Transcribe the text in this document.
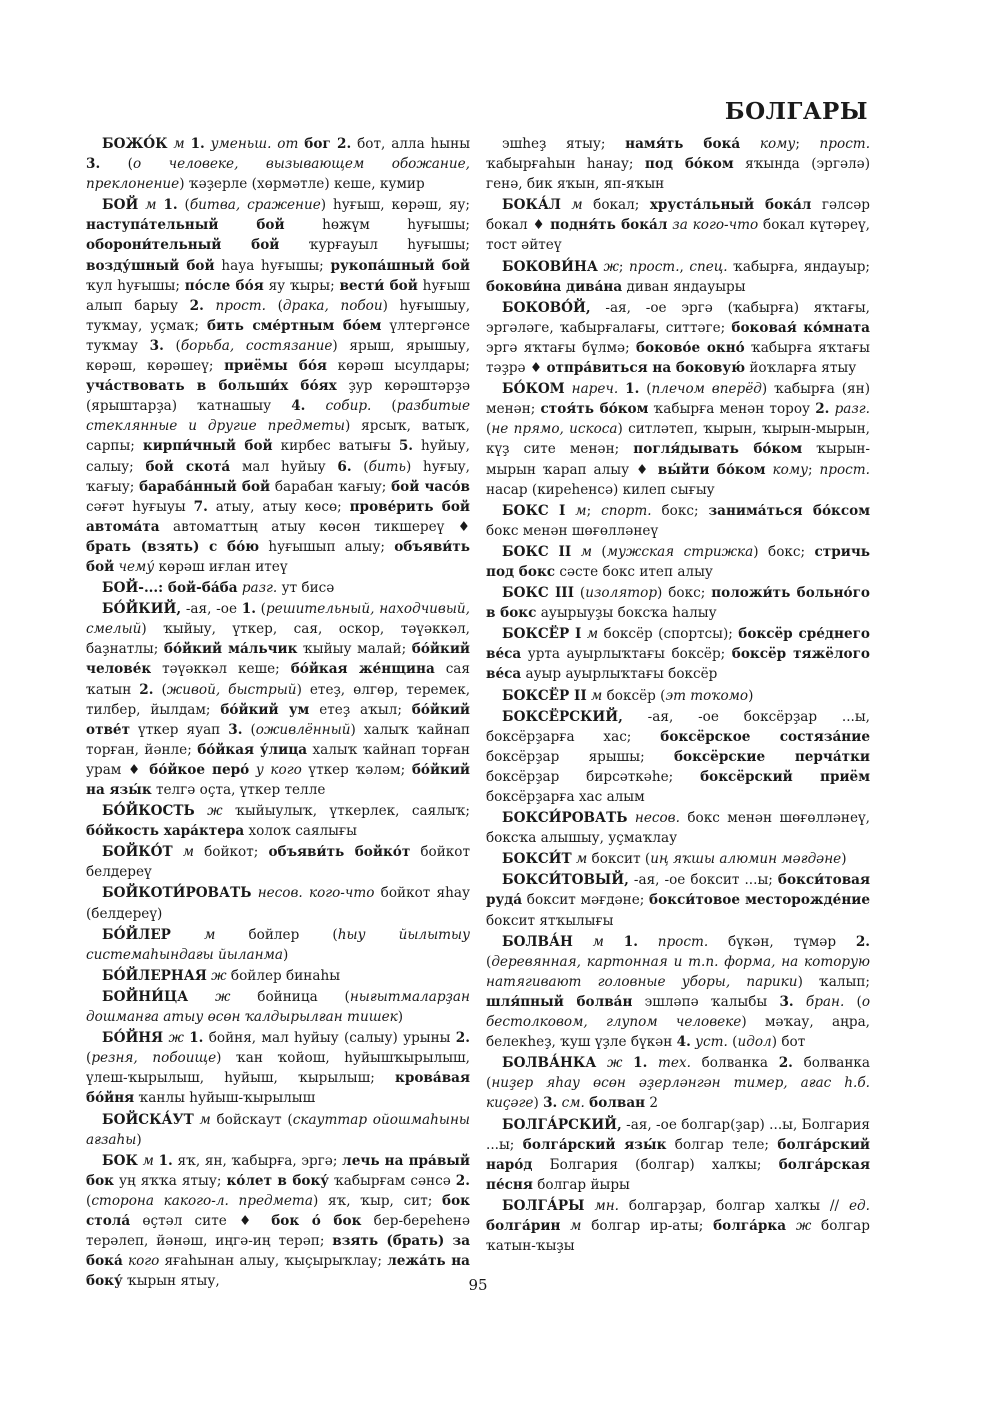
БОЛГАРЫ

БОЖО́К м 1. уменьш. от бог 2. бот, алла һыны 3. (о человеке, вызывающем обожание, преклонение) ҡәҙерле (хөрмәтле) кеше, кумир

БОЙ м 1. (битва, сражение) һуғыш, көрәш, яу; наступа́тельный бой һөжүм һуғышы; оборони́тельный бой ҡурғауыл һуғышы; возду́шный бой һауа һуғышы; рукопа́шный бой ҡул һуғышы; по́сле бо́я яу ҡыры; вести́ бой һуғыш алып барыу 2. прост. (драка, побои) һуғышыу, туҡмау, уҫмаҡ; бить сме́ртным бо́ем үлтергәнсе туҡмау 3. (борьба, состязание) ярыш, ярышыу, көрәш, көрәшеү; приёмы бо́я көрәш ысулдары; уча́ствовать в больши́х бо́ях ҙур көрәштәрҙә (ярыштарҙа) ҡатнашыу 4. собир. (разбитые стеклянные и другие предметы) ярсыҡ, ватыҡ, сарпы; кирпи́чный бой кирбес ватығы 5. һуйыу, салыу; бой скота́ мал һуйыу 6. (бить) һуғыу, ҡағыу; бараба́нный бой барабан ҡағыу; бой часо́в сәғәт һуғыуы 7. атыу, атыу көсө; прове́рить бой автома́та автоматтың атыу көсөн тикшереү ♦ брать (взять) с бо́ю һуғышып алыу; объяви́ть бой чему́ көрәш иғлан итеү

БОЙ-...: бой-ба́ба разг. ут бисә

БО́ЙКИЙ, -ая, -ое 1. (решительный, находчивый, смелый) ҡыйыу, үткер, сая, оскор, тәүәккәл, баҙнатлы; бо́йкий ма́льчик ҡыйыу малай; бо́йкий челове́к тәүәккәл кеше; бо́йкая же́нщина сая ҡатын 2. (живой, быстрый) етеҙ, өлгөр, теремек, тилбер, йылдам; бо́йкий ум етеҙ аҡыл; бо́йкий отве́т үткер яуап 3. (оживлённый) халыҡ ҡайнап торған, йәнле; бо́йкая у́лица халыҡ ҡайнап торған урам ♦ бо́йкое перо́ у кого үткер ҡәләм; бо́йкий на язы́к телгә оҫта, үткер телле

БО́ЙКОСТЬ ж ҡыйыулыҡ, үткерлек, саялыҡ; бо́йкость хара́ктера холоҡ саялығы

БОЙКО́Т м бойкот; объяви́ть бойко́т бойкот белдереү

БОЙКОТИ́РОВАТЬ несов. кого-что бойкот яһау (белдереү)

БО́ЙЛЕР м бойлер (һыу йылытыу системаһындағы йыланма)

БО́ЙЛЕРНАЯ ж бойлер бинаһы

БОЙНИ́ЦА ж бойница (нығытмаларҙан дошманға атыу өсөн ҡалдырылған тишек)

БО́ЙНЯ ж 1. бойня, мал һуйыу (салыу) урыны 2. (резня, побоище) ҡан ҡойош, һуйышҡырылыш, үлеш-ҡырылыш, һуйыш, ҡырылыш; крова́вая бо́йня ҡанлы һуйыш-ҡырылыш

БОЙСКА́УТ м бойскаут (скауттар ойошмаһыны ағзаһы)

БОК м 1. яҡ, ян, ҡабырға, эргә; лечь на пра́вый бок уң яҡҡа ятыу; ко́лет в боку́ ҡабырғам сәнсә 2. (сторона какого-л. предмета) яҡ, ҡыр, сит; бок стола́ өҫтәл ситe ♦ бок о́ бок бер-береһенә терәлеп, йәнәш, иңгә-иң терәп; взять (брать) за бока́ кого яғаһынан алыу, ҡыҫырыҡлау; лежа́ть на боку́ ҡырын ятыу,

эшһеҙ ятыу; намя́ть бока́ кому; прост. ҡабырғаһын һанау; под бо́ком яҡында (эргәлә) генә, бик яҡын, яп-яҡын

БОКА́Л м бокал; хруста́льный бока́л гәлсәр бокал ♦ подня́ть бока́л за кого-что бокал күтәреү, тост әйтеү

БОКОВИ́НА ж; прост., спец. ҡабырға, яндауыр; бокови́на дива́на диван яндауыры

БОКОВО́Й, -ая, -ое эргә (ҡабырға) яҡтағы, эргәләге, ҡабырғалағы, ситтәге; боковая́ ко́мната эргә яҡтағы бүлмә; боково́е окно́ ҡабырға яҡтағы тәҙрә ♦ отпра́виться на боковую́ йоҡларға ятыу

БО́КОМ нареч. 1. (плечом вперёд) ҡабырға (ян) менән; стоя́ть бо́ком ҡабырға менән тороу 2. разг. (не прямо, искоса) ситләтеп, ҡырын, ҡырын-мырын, күҙ ситe менән; погля́дывать бо́ком ҡырын-мырын ҡарап алыу ♦ вы́йти бо́ком кому; прост. насар (киреһенсә) килеп сығыу

БОКС I м; спорт. бокс; занима́ться бо́ксом бокс менән шөғөлләнеү

БОКС II м (мужская стрижка) бокс; стричь под бокс сәсте бокс итеп алыу

БОКС III (изолятор) бокс; положи́ть больно́го в бокс ауырыуҙы боксҡа һалыу

БОКСЁР I м боксёр (спортсы); боксёр сре́днего ве́са урта ауырлыҡтағы боксёр; боксёр тяжёлого ве́са ауыр ауырлыҡтағы боксёр

БОКСЁР II м боксёр (эт тоҡомо)

БОКСЁРСКИЙ, -ая, -ое боксёрҙар ...ы, боксёрҙарға хас; боксёрское состяза́ние боксёрҙар ярышы; боксёрские перча́тки боксёрҙар бирсәткәһе; боксёрский приём боксёрҙарға хас алым

БОКСИ́РОВАТЬ несов. бокс менән шөғөлләнеү, боксҡа алышыу, уҫмаҡлау

БОКСИ́Т м боксит (иң яҡшы алюмин мәғдәне)

БОКСИ́ТОВЫЙ, -ая, -ое боксит ...ы; бокси́товая руда́ боксит мәғдәне; бокси́товое месторожде́ние боксит ятҡылығы

БОЛВА́Н м 1. прост. бүкән, түмәр 2. (деревянная, картонная и т.п. форма, на которую натягивают головные уборы, парики) ҡалып; шля́пный болва́н эшләпә ҡалыбы 3. бран. (о бестолковом, глупом человеке) мәҡау, аңра, белекһеҙ, ҡуш үҙле бүкән 4. уст. (идол) бот

БОЛВА́НКА ж 1. тех. болванка 2. болванка (ниҙер яһау өсөн әҙерләнгән тимер, ағас һ.б. киҫәге) 3. см. болван 2

БОЛГА́РСКИЙ, -ая, -ое болгар(ҙар) ...ы, Болгария ...ы; болга́рский язы́к болгар теле; болга́рский наро́д Болгария (болгар) халҡы; болга́рская пе́сня болгар йыры

БОЛГА́РЫ мн. болгарҙар, болгар халҡы // ед. болга́рин м болгар ир-аты; болга́рка ж болгар ҡатын-ҡыҙы

95
